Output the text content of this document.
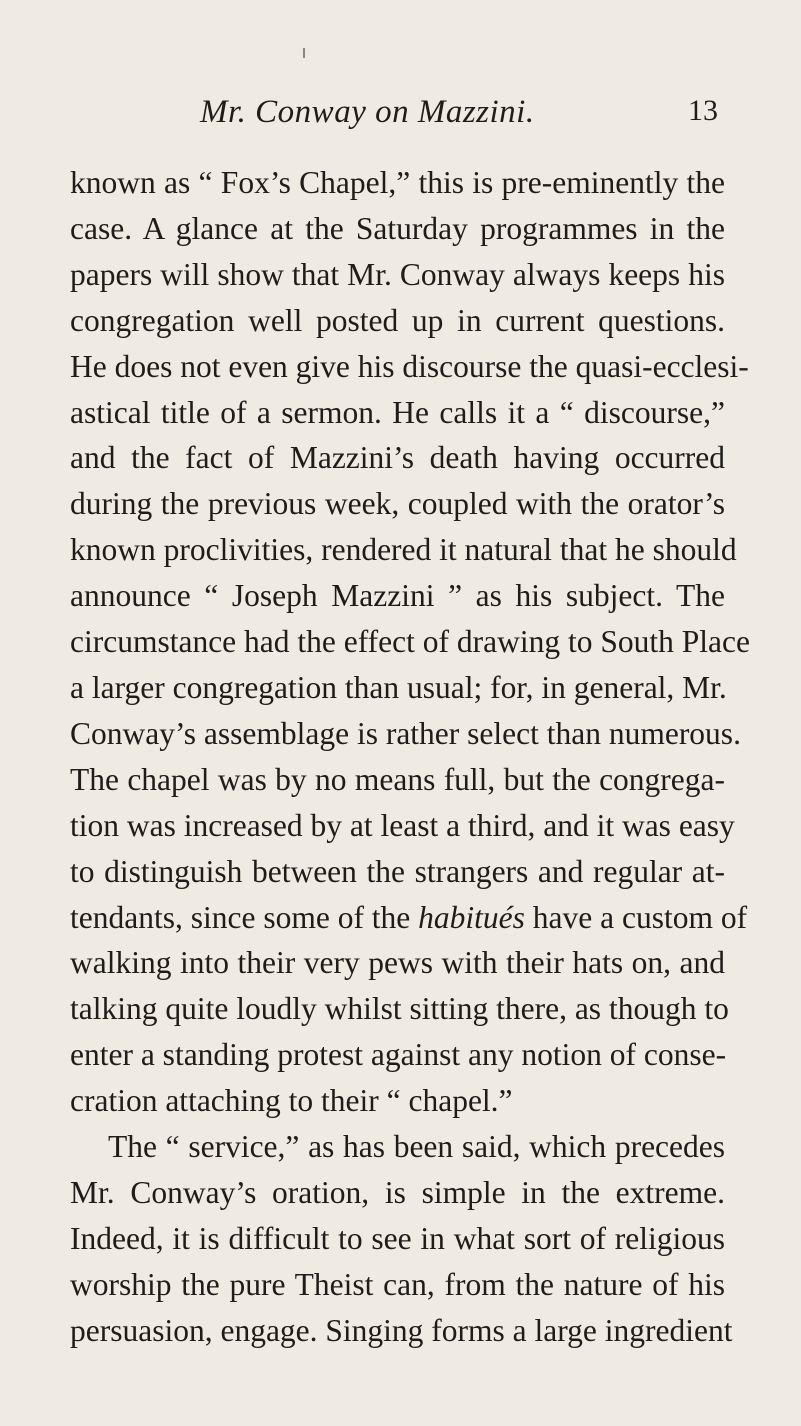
Mr. Conway on Mazzini.	13
known as “ Fox’s Chapel,” this is pre-eminently the
case. A glance at the Saturday programmes in the
papers will show that Mr. Conway always keeps his
congregation well posted up in current questions.
He does not even give his discourse the quasi-ecclesi-
astical title of a sermon. He calls it a “ discourse,”
and the fact of Mazzini’s death having occurred
during the previous week, coupled with the orator’s
known proclivities, rendered it natural that he should
announce “ Joseph Mazzini ” as his subject. The
circumstance had the effect of drawing to South Place
a larger congregation than usual; for, in general, Mr.
Conway’s assemblage is rather select than numerous.
The chapel was by no means full, but the congrega-
tion was increased by at least a third, and it was easy
to distinguish between the strangers and regular at-
tendants, since some of the habitués have a custom of
walking into their very pews with their hats on, and
talking quite loudly whilst sitting there, as though to
enter a standing protest against any notion of conse-
cration attaching to their “ chapel.”
The “ service,” as has been said, which precedes
Mr. Conway’s oration, is simple in the extreme.
Indeed, it is difficult to see in what sort of religious
worship the pure Theist can, from the nature of his
persuasion, engage. Singing forms a large ingredient
